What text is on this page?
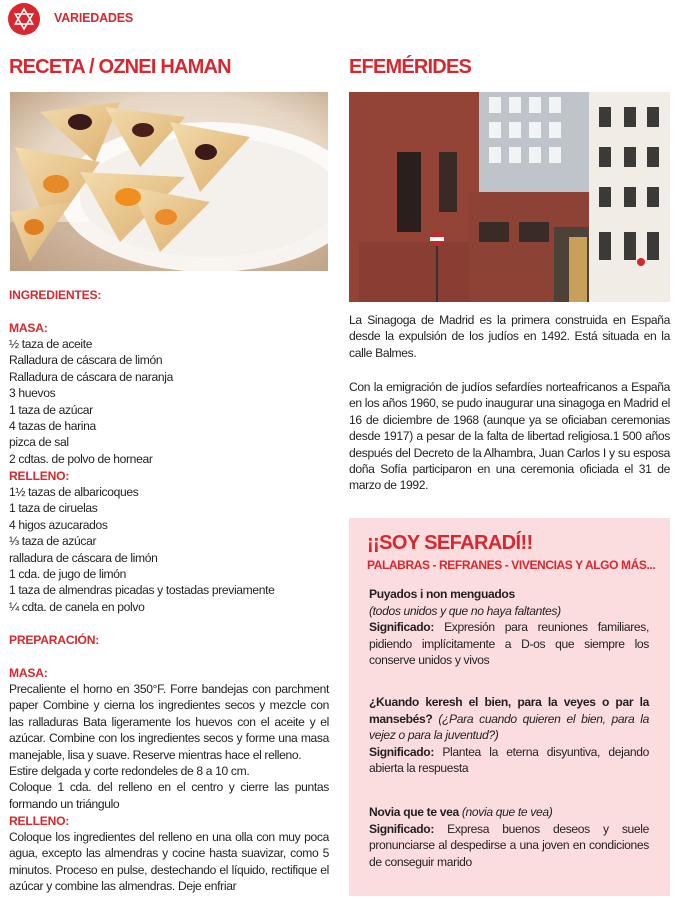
VARIEDADES
RECETA / OZNEI HAMAN	EFEMÉRIDES
INGREDIENTES:
MASA:
½ taza de aceite
Ralladura de cáscara de limón
Ralladura de cáscara de naranja
3 huevos
1 taza de azúcar
4 tazas de harina
pizca de sal
2 cdtas. de polvo de hornear
RELLENO:
1½ tazas de albaricoques
1 taza de ciruelas
4 higos azucarados
⅓ taza de azúcar
ralladura de cáscara de limón
1 cda. de jugo de limón
1 taza de almendras picadas y tostadas previamente
¼ cdta. de canela en polvo
PREPARACIÓN:
MASA:
Precaliente el horno en 350°F. Forre bandejas con parchment paper Combine y cierna los ingredientes secos y mezcle con las ralladuras Bata ligeramente los huevos con el aceite y el azúcar. Combine con los ingredientes secos y forme una masa manejable, lisa y suave. Reserve mientras hace el relleno.
Estire delgada y corte redondeles de 8 a 10 cm.
Coloque 1 cda. del relleno en el centro y cierre las puntas formando un triángulo
RELLENO:
Coloque los ingredientes del relleno en una olla con muy poca agua, excepto las almendras y cocine hasta suavizar, como 5 minutos. Proceso en pulse, destechando el líquido, rectifique el azúcar y combine las almendras. Deje enfriar
La Sinagoga de Madrid es la primera construida en España desde la expulsión de los judíos en 1492. Está situada en la calle Balmes.
Con la emigración de judíos sefardíes norteafricanos a España en los años 1960, se pudo inaugurar una sinagoga en Madrid el 16 de diciembre de 1968 (aunque ya se oficiaban ceremonias desde 1917) a pesar de la falta de libertad religiosa.1 500 años después del Decreto de la Alhambra, Juan Carlos I y su esposa doña Sofía participaron en una ceremonia oficiada el 31 de marzo de 1992.
¡¡SOY SEFARADÍ!!
PALABRAS - REFRANES - VIVENCIAS Y ALGO MÁS...
Puyados i non menguados
(todos unidos y que no haya faltantes)
Significado: Expresión para reuniones familiares, pidiendo implícitamente a D-os que siempre los conserve unidos y vivos
¿Kuando keresh el bien, para la veyes o par la mansebés? (¿Para cuando quieren el bien, para la vejez o para la juventud?)
Significado: Plantea la eterna disyuntiva, dejando abierta la respuesta
Novia que te vea (novia que te vea)
Significado: Expresa buenos deseos y suele pronunciarse al despedirse a una joven en condiciones de conseguir marido
